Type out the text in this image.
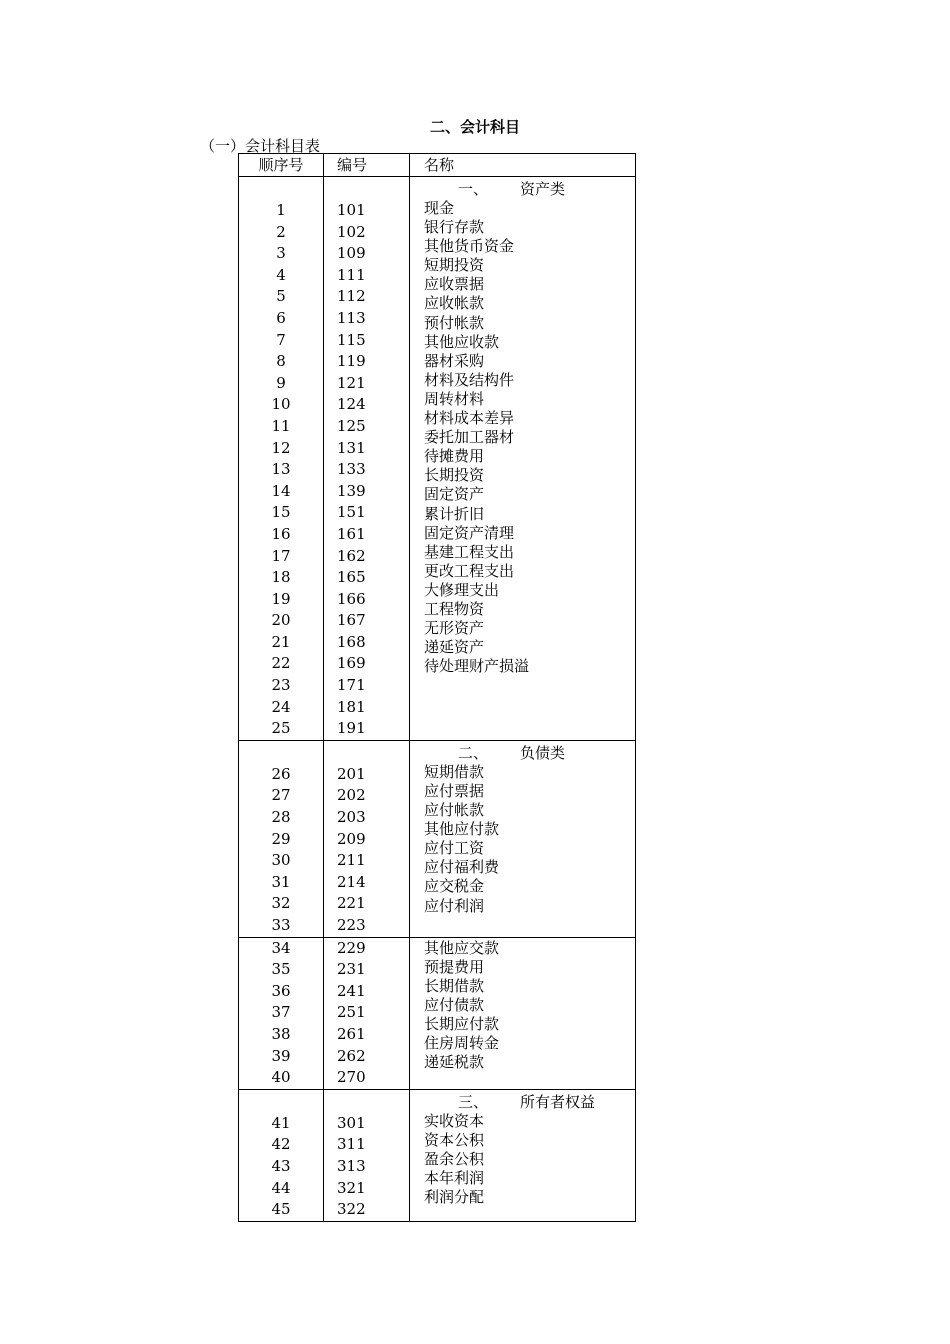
二、会计科目
（一）会计科目表
顺序号	编号	名称
1
2
3
4
5
6
7
8
9
10
11
12
13
14
15
16
17
18
19
20
21
22
23
24
25
101
102
109
111
112
113
115
119
121
124
125
131
133
139
151
161
162
165
166
167
168
169
171
181
191
一、 资产类
现金
银行存款
其他货币资金
短期投资
应收票据
应收帐款
预付帐款
其他应收款
器材采购
材料及结构件
周转材料
材料成本差异
委托加工器材
待摊费用
长期投资
固定资产
累计折旧
固定资产清理
基建工程支出
更改工程支出
大修理支出
工程物资
无形资产
递延资产
待处理财产损溢
26
27
28
29
30
31
32
33
201
202
203
209
211
214
221
223
二、 负债类
短期借款
应付票据
应付帐款
其他应付款
应付工资
应付福利费
应交税金
应付利润
34
35
36
37
38
39
40
229
231
241
251
261
262
270
其他应交款
预提费用
长期借款
应付债款
长期应付款
住房周转金
递延税款
41
42
43
44
45
301
311
313
321
322
三、 所有者权益
实收资本
资本公积
盈余公积
本年利润
利润分配
